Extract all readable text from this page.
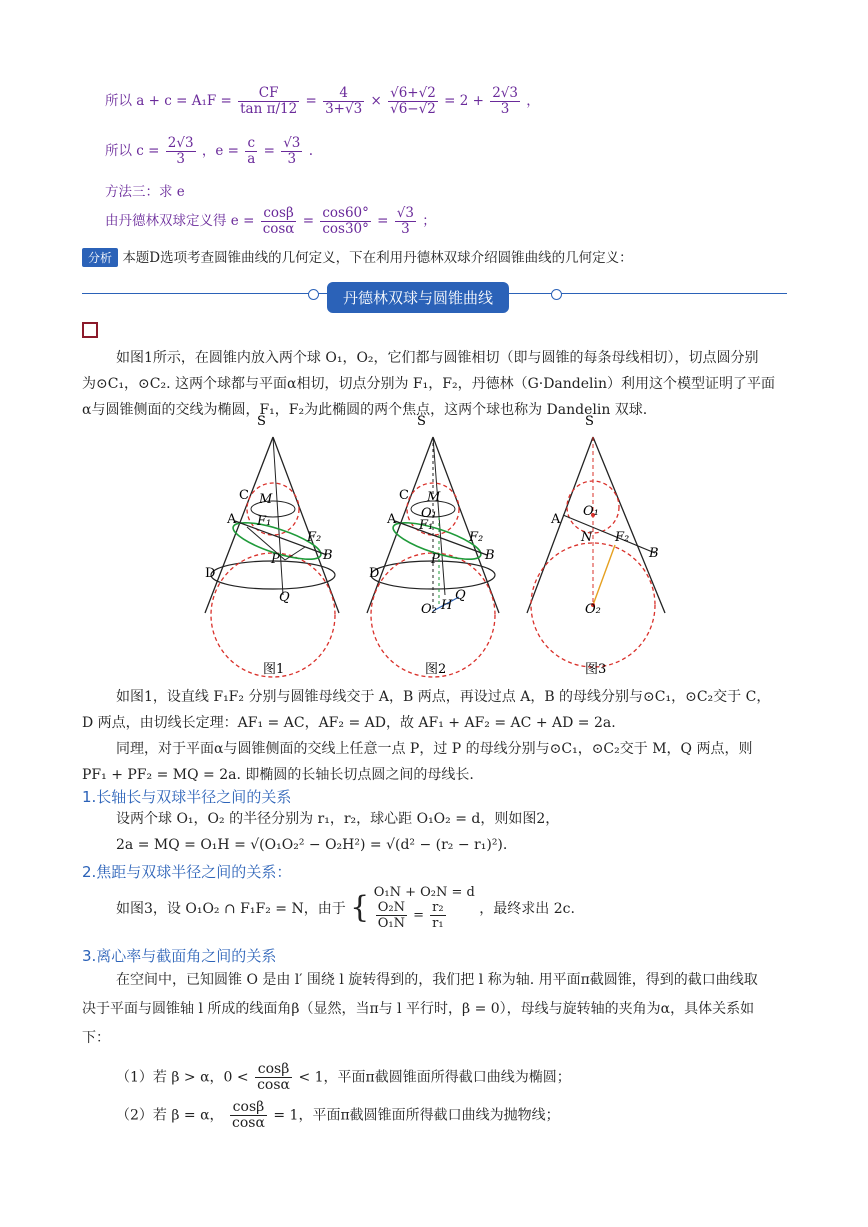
所以 $a + c = A_1F = \frac{CF}{\text{tan π/12}} = \frac{4}{3+√3} \times \frac{√6+√2}{√6-√2} = 2 + \frac{2√3}{3}$ ，
所以 $c = \frac{2√3}{3}$ ，$e = \frac{c}{a} = \frac{√3}{3}$ .
方法三：求 e
由丹德林双球定义得 $e = \frac{\cos\beta}{\cos\alpha} = \frac{\cos 60^\circ}{\cos 30^\circ} = \frac{√3}{3}$ ；
分析 本题D选项考查圆锥曲线的几何定义，下在利用丹德林双球介绍圆锥曲线的几何定义：
丹德林双球与圆锥曲线
如图1所示，在圆锥内放入两个球 O₁，O₂，它们都与圆锥相切（即与圆锥的每条母线相切），切点圆分别
为⊙C₁，⊙C₂. 这两个球都与平面α相切，切点分别为 F₁，F₂，丹德林（G·Dandelin）利用这个模型证明了平面
α与圆锥侧面的交线为椭圆，F₁，F₂为此椭圆的两个焦点，这两个球也称为 Dandelin 双球.
S
C M
A F₁
F₂
B
P
D
Q
图1
S
C M
O₁
A F₁
F₂
B
P
D
Q
H
O₂
图2
S
A
O₁
N F₂
B
O₂
图3
如图1，设直线 F₁F₂ 分别与圆锥母线交于 A，B 两点，再设过点 A，B 的母线分别与⊙C₁，⊙C₂交于 C，
D 两点，由切线长定理：AF₁ = AC，AF₂ = AD，故 AF₁ + AF₂ = AC + AD = 2a.
同理，对于平面α与圆锥侧面的交线上任意一点 P，过 P 的母线分别与⊙C₁，⊙C₂交于 M，Q 两点，则
PF₁ + PF₂ = MQ = 2a. 即椭圆的长轴长切点圆之间的母线长.
1.长轴长与双球半径之间的关系
设两个球 O₁，O₂ 的半径分别为 r₁，r₂，球心距 O₁O₂ = d，则如图2，
2a = MQ = O₁H = √(O₁O₂² − O₂H²) = √(d² − (r₂ − r₁)²).
2.焦距与双球半径之间的关系：
如图3，设 O₁O₂ ∩ F₁F₂ = N，由于 { O₁N + O₂N = d
$\frac{\text{O₂N}}{\text{O₁N}} = \frac{\text{r₂}}{\text{r₁}}$ ，最终求出 2c.
3.离心率与截面角之间的关系
在空间中，已知圆锥 O 是由 l′ 围绕 l 旋转得到的，我们把 l 称为轴. 用平面π截圆锥，得到的截口曲线取
决于平面与圆锥轴 l 所成的线面角β（显然，当π与 l 平行时，β = 0），母线与旋转轴的夹角为α，具体关系如
下：
（1）若 β > α，$0 < \frac{\cos\beta}{\cos\alpha} < 1$，平面π截圆锥面所得截口曲线为椭圆；
（2）若 β = α， $\frac{\cos\beta}{\cos\alpha} = 1$，平面π截圆锥面所得截口曲线为抛物线；
